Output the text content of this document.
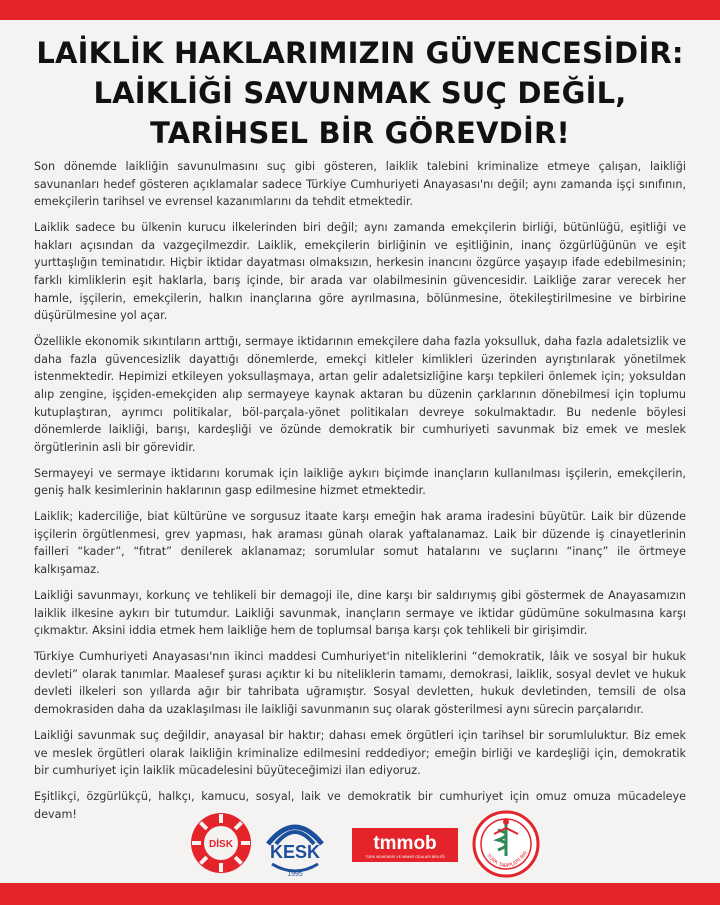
LAİKLİK HAKLARIMIZIN GÜVENCESİDİR:
LAİKLİĞİ SAVUNMAK SUÇ DEĞİL,
TARİHSEL BİR GÖREVDİR!

Son dönemde laikliğin savunulmasını suç gibi gösteren, laiklik talebini kriminalize etmeye çalışan, laikliği savunanları hedef gösteren açıklamalar sadece Türkiye Cumhuriyeti Anayasası'nı değil; aynı zamanda işçi sınıfının, emekçilerin tarihsel ve evrensel kazanımlarını da tehdit etmektedir.

Laiklik sadece bu ülkenin kurucu ilkelerinden biri değil; aynı zamanda emekçilerin birliği, bütünlüğü, eşitliği ve hakları açısından da vazgeçilmezdir. Laiklik, emekçilerin birliğinin ve eşitliğinin, inanç özgürlüğünün ve eşit yurttaşlığın teminatıdır. Hiçbir iktidar dayatması olmaksızın, herkesin inancını özgürce yaşayıp ifade edebilmesinin; farklı kimliklerin eşit haklarla, barış içinde, bir arada var olabilmesinin güvencesidir. Laikliğe zarar verecek her hamle, işçilerin, emekçilerin, halkın inançlarına göre ayrılmasına, bölünmesine, ötekileştirilmesine ve birbirine düşürülmesine yol açar.

Özellikle ekonomik sıkıntıların arttığı, sermaye iktidarının emekçilere daha fazla yoksulluk, daha fazla adaletsizlik ve daha fazla güvencesizlik dayattığı dönemlerde, emekçi kitleler kimlikleri üzerinden ayrıştırılarak yönetilmek istenmektedir. Hepimizi etkileyen yoksullaşmaya, artan gelir adaletsizliğine karşı tepkileri önlemek için; yoksuldan alıp zengine, işçiden-emekçiden alıp sermayeye kaynak aktaran bu düzenin çarklarının dönebilmesi için toplumu kutuplaştıran, ayrımcı politikalar, böl-parçala-yönet politikaları devreye sokulmaktadır. Bu nedenle böylesi dönemlerde laikliği, barışı, kardeşliği ve özünde demokratik bir cumhuriyeti savunmak biz emek ve meslek örgütlerinin asli bir görevidir.

Sermayeyi ve sermaye iktidarını korumak için laikliğe aykırı biçimde inançların kullanılması işçilerin, emekçilerin, geniş halk kesimlerinin haklarının gasp edilmesine hizmet etmektedir.

Laiklik; kaderciliğe, biat kültürüne ve sorgusuz itaate karşı emeğin hak arama iradesini büyütür. Laik bir düzende işçilerin örgütlenmesi, grev yapması, hak araması günah olarak yaftalanamaz. Laik bir düzende iş cinayetlerinin failleri “kader”, “fıtrat” denilerek aklanamaz; sorumlular somut hatalarını ve suçlarını “inanç” ile örtmeye kalkışamaz.

Laikliği savunmayı, korkunç ve tehlikeli bir demagoji ile, dine karşı bir saldırıymış gibi göstermek de Anayasamızın laiklik ilkesine aykırı bir tutumdur. Laikliği savunmak, inançların sermaye ve iktidar güdümüne sokulmasına karşı çıkmaktır. Aksini iddia etmek hem laikliğe hem de toplumsal barışa karşı çok tehlikeli bir girişimdir.

Türkiye Cumhuriyeti Anayasası'nın ikinci maddesi Cumhuriyet'in niteliklerini “demokratik, lâik ve sosyal bir hukuk devleti” olarak tanımlar. Maalesef şurası açıktır ki bu niteliklerin tamamı, demokrasi, laiklik, sosyal devlet ve hukuk devleti ilkeleri son yıllarda ağır bir tahribata uğramıştır. Sosyal devletten, hukuk devletinden, temsili de olsa demokrasiden daha da uzaklaşılması ile laikliği savunmanın suç olarak gösterilmesi aynı sürecin parçalarıdır.

Laikliği savunmak suç değildir, anayasal bir haktır; dahası emek örgütleri için tarihsel bir sorumluluktur. Biz emek ve meslek örgütleri olarak laikliğin kriminalize edilmesini reddediyor; emeğin birliği ve kardeşliği için, demokratik bir cumhuriyet için laiklik mücadelesini büyüteceğimizi ilan ediyoruz.

Eşitlikçi, özgürlükçü, halkçı, kamucu, sosyal, laik ve demokratik bir cumhuriyet için omuz omuza mücadeleye devam!

DİSK KESK
1995
tmmob
TÜRK MÜHENDİS VE MİMAR ODALARI BİRLİĞİ	TÜRK TABİPLERİ BİR
